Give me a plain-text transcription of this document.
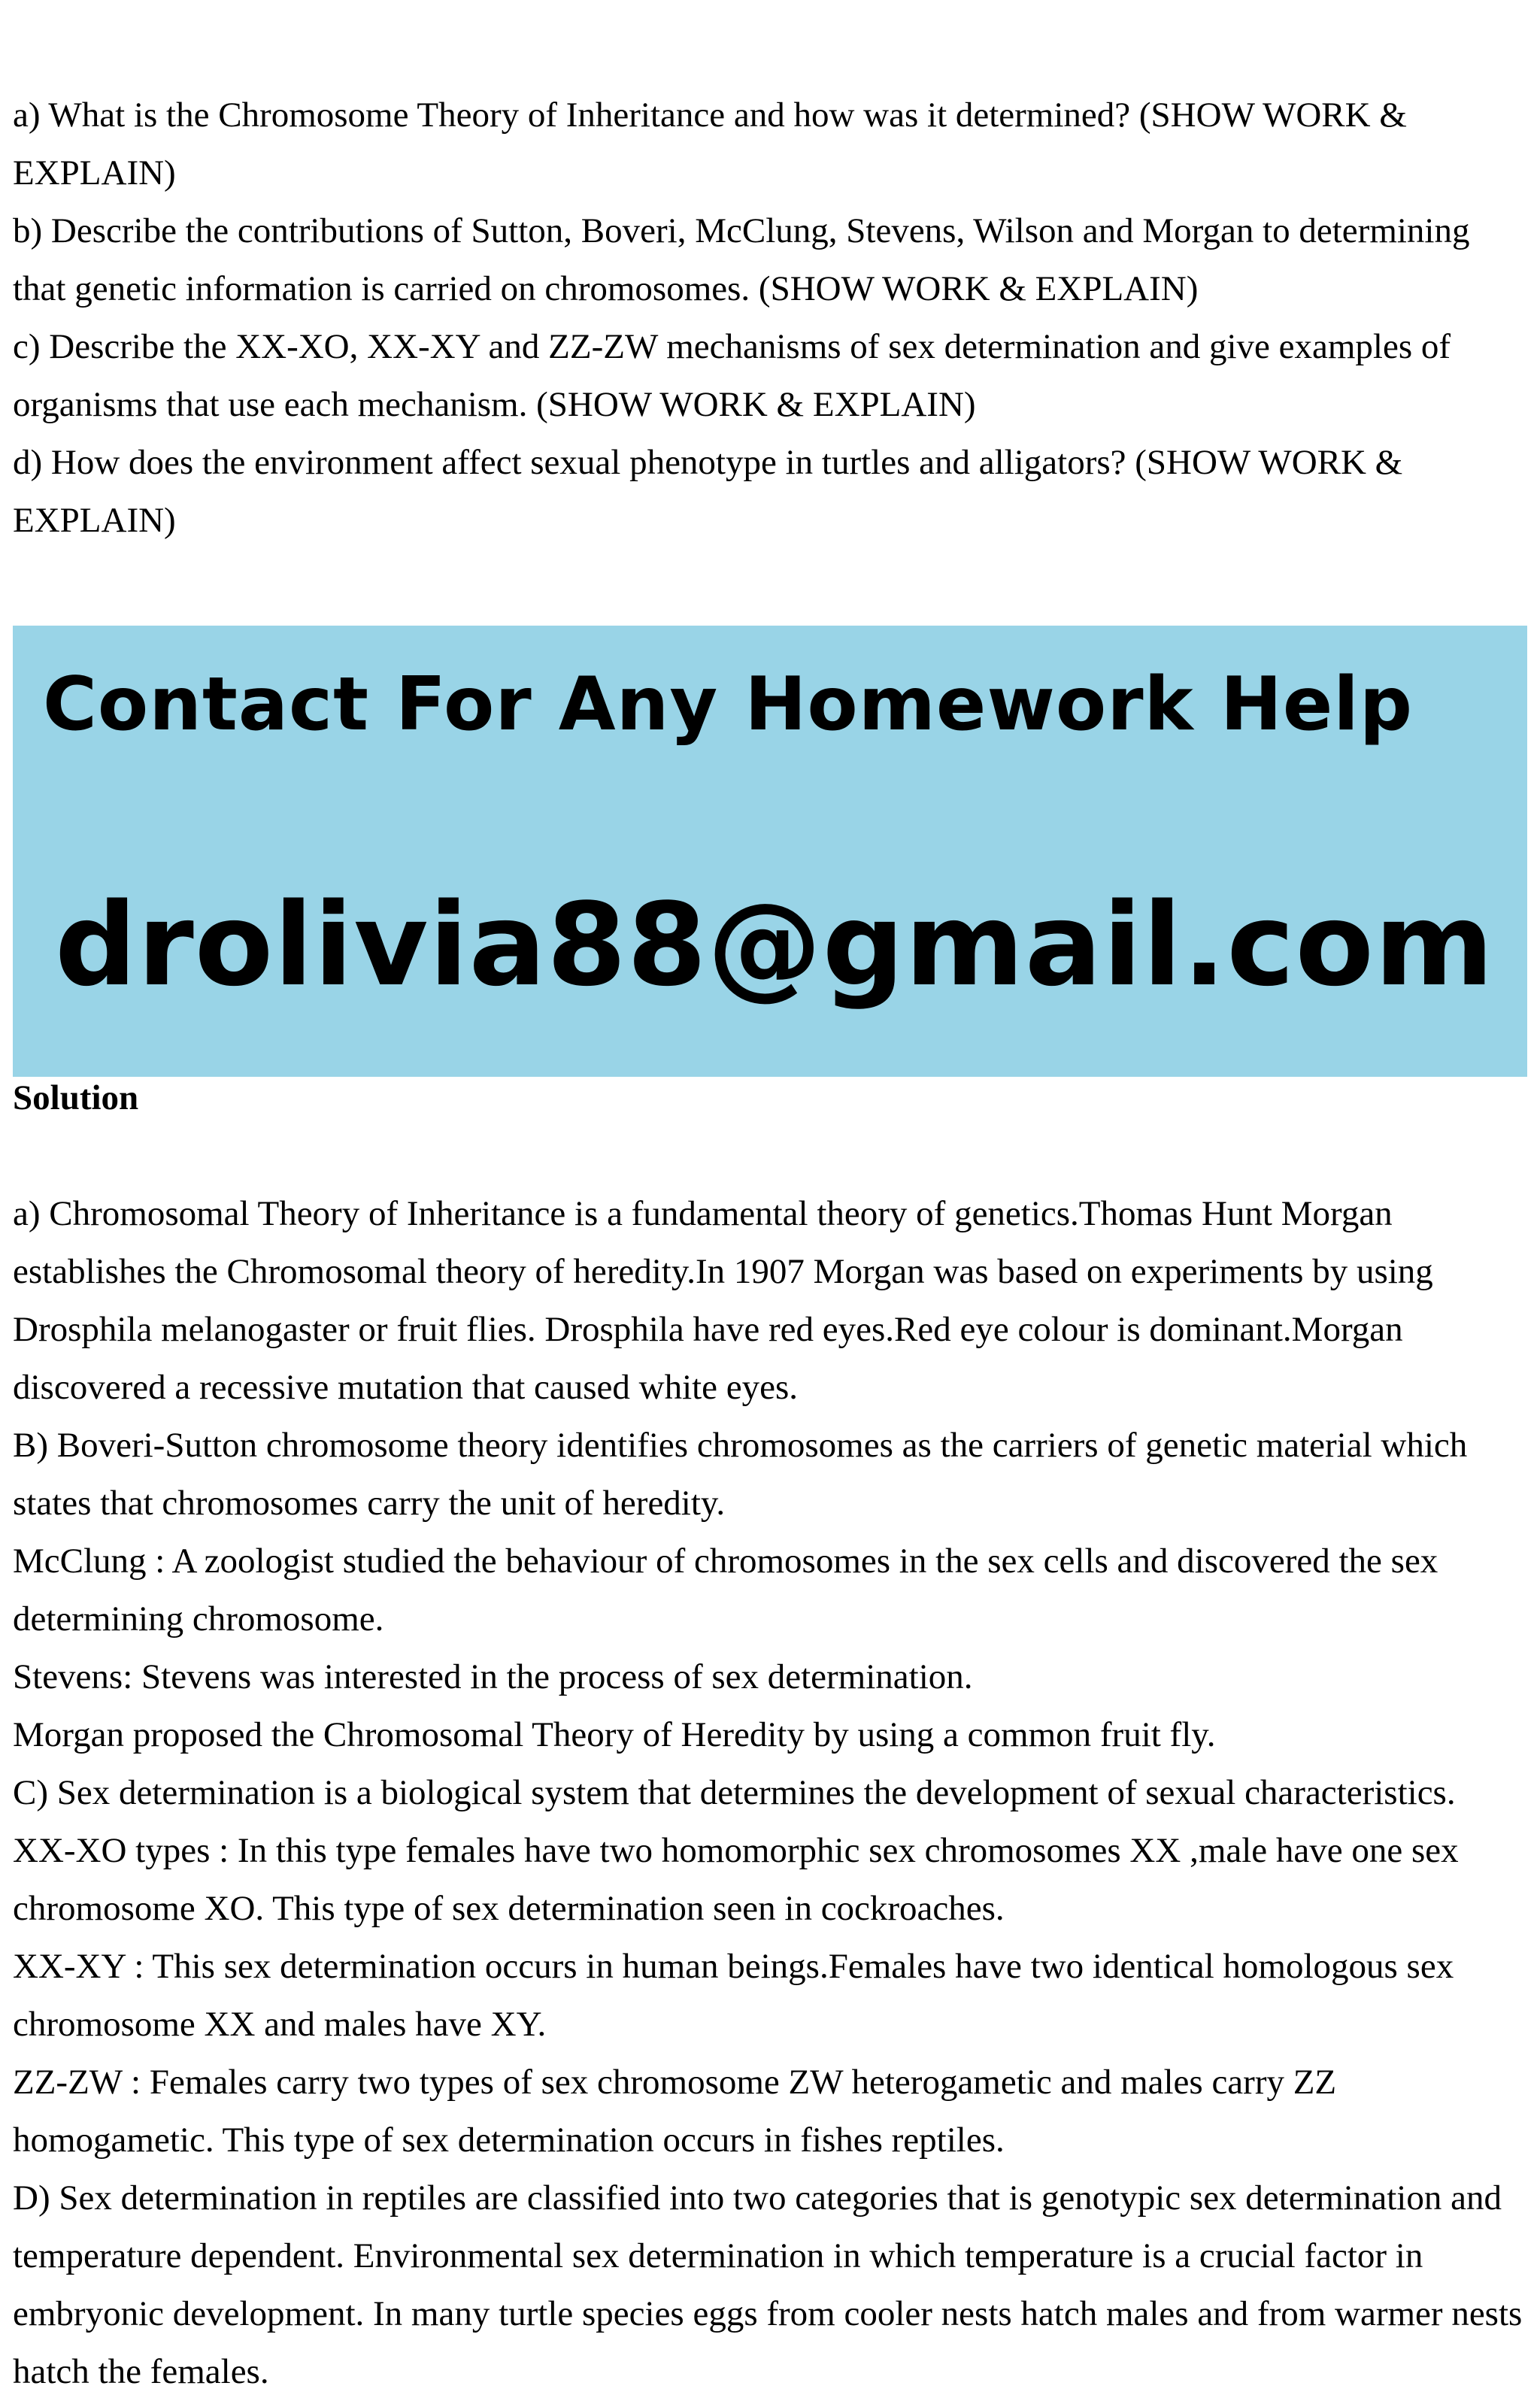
a) What is the Chromosome Theory of Inheritance and how was it determined? (SHOW WORK & EXPLAIN)

b) Describe the contributions of Sutton, Boveri, McClung, Stevens, Wilson and Morgan to determining that genetic information is carried on chromosomes. (SHOW WORK & EXPLAIN)

c) Describe the XX-XO, XX-XY and ZZ-ZW mechanisms of sex determination and give examples of organisms that use each mechanism. (SHOW WORK & EXPLAIN)

d) How does the environment affect sexual phenotype in turtles and alligators? (SHOW WORK & EXPLAIN)

Solution

a) Chromosomal Theory of Inheritance is a fundamental theory of genetics.Thomas Hunt Morgan establishes the Chromosomal theory of heredity.In 1907 Morgan was based on experiments by using Drosphila melanogaster or fruit flies. Drosphila have red eyes.Red eye colour is dominant.Morgan discovered a recessive mutation that caused white eyes.

B) Boveri-Sutton chromosome theory identifies chromosomes as the carriers of genetic material which states that chromosomes carry the unit of heredity.

McClung : A zoologist studied the behaviour of chromosomes in the sex cells and discovered the sex determining chromosome.

Stevens: Stevens was interested in the process of sex determination.

Morgan proposed the Chromosomal Theory of Heredity by using a common fruit fly.

C) Sex determination is a biological system that determines the development of sexual characteristics.

XX-XO types : In this type females have two homomorphic sex chromosomes XX ,male have one sex chromosome XO. This type of sex determination seen in cockroaches.

XX-XY : This sex determination occurs in human beings.Females have two identical homologous sex chromosome XX and males have XY.

ZZ-ZW : Females carry two types of sex chromosome ZW heterogametic and males carry ZZ homogametic. This type of sex determination occurs in fishes reptiles.

D) Sex determination in reptiles are classified into two categories that is genotypic sex determination and temperature dependent. Environmental sex determination in which temperature is a crucial factor in embryonic development. In many turtle species eggs from cooler nests hatch males and from warmer nests hatch the females.

Contact For Any Homework Help
drolivia88@gmail.com
